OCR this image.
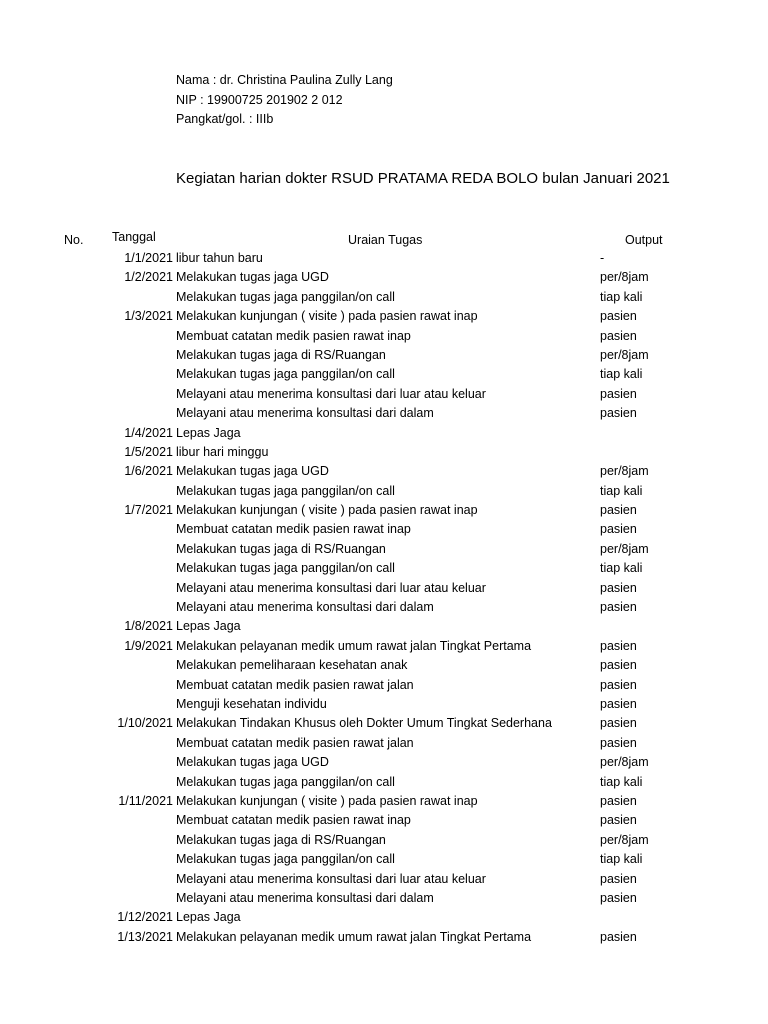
Nama : dr. Christina Paulina Zully Lang
NIP : 19900725 201902 2 012
Pangkat/gol. : IIIb
Kegiatan harian dokter RSUD PRATAMA REDA BOLO bulan Januari 2021
No. Tanggal	Uraian Tugas	Output
1/1/2021 libur tahun baru	-
1/2/2021 Melakukan tugas jaga UGD	per/8jam
Melakukan tugas jaga panggilan/on call	tiap kali
1/3/2021 Melakukan kunjungan ( visite ) pada pasien rawat inap	pasien
Membuat catatan medik pasien rawat inap	pasien
Melakukan tugas jaga di RS/Ruangan	per/8jam
Melakukan tugas jaga panggilan/on call	tiap kali
Melayani atau menerima konsultasi dari luar atau keluar	pasien
Melayani atau menerima konsultasi dari dalam	pasien
1/4/2021 Lepas Jaga
1/5/2021 libur hari minggu
1/6/2021 Melakukan tugas jaga UGD	per/8jam
Melakukan tugas jaga panggilan/on call	tiap kali
1/7/2021 Melakukan kunjungan ( visite ) pada pasien rawat inap	pasien
Membuat catatan medik pasien rawat inap	pasien
Melakukan tugas jaga di RS/Ruangan	per/8jam
Melakukan tugas jaga panggilan/on call	tiap kali
Melayani atau menerima konsultasi dari luar atau keluar	pasien
Melayani atau menerima konsultasi dari dalam	pasien
1/8/2021 Lepas Jaga
1/9/2021 Melakukan pelayanan medik umum rawat jalan Tingkat Pertama	pasien
Melakukan pemeliharaan kesehatan anak	pasien
Membuat catatan medik pasien rawat jalan	pasien
Menguji kesehatan individu	pasien
1/10/2021 Melakukan Tindakan Khusus oleh Dokter Umum Tingkat Sederhana	pasien
Membuat catatan medik pasien rawat jalan	pasien
Melakukan tugas jaga UGD	per/8jam
Melakukan tugas jaga panggilan/on call	tiap kali
1/11/2021 Melakukan kunjungan ( visite ) pada pasien rawat inap	pasien
Membuat catatan medik pasien rawat inap	pasien
Melakukan tugas jaga di RS/Ruangan	per/8jam
Melakukan tugas jaga panggilan/on call	tiap kali
Melayani atau menerima konsultasi dari luar atau keluar	pasien
Melayani atau menerima konsultasi dari dalam	pasien
1/12/2021 Lepas Jaga
1/13/2021 Melakukan pelayanan medik umum rawat jalan Tingkat Pertama	pasien
